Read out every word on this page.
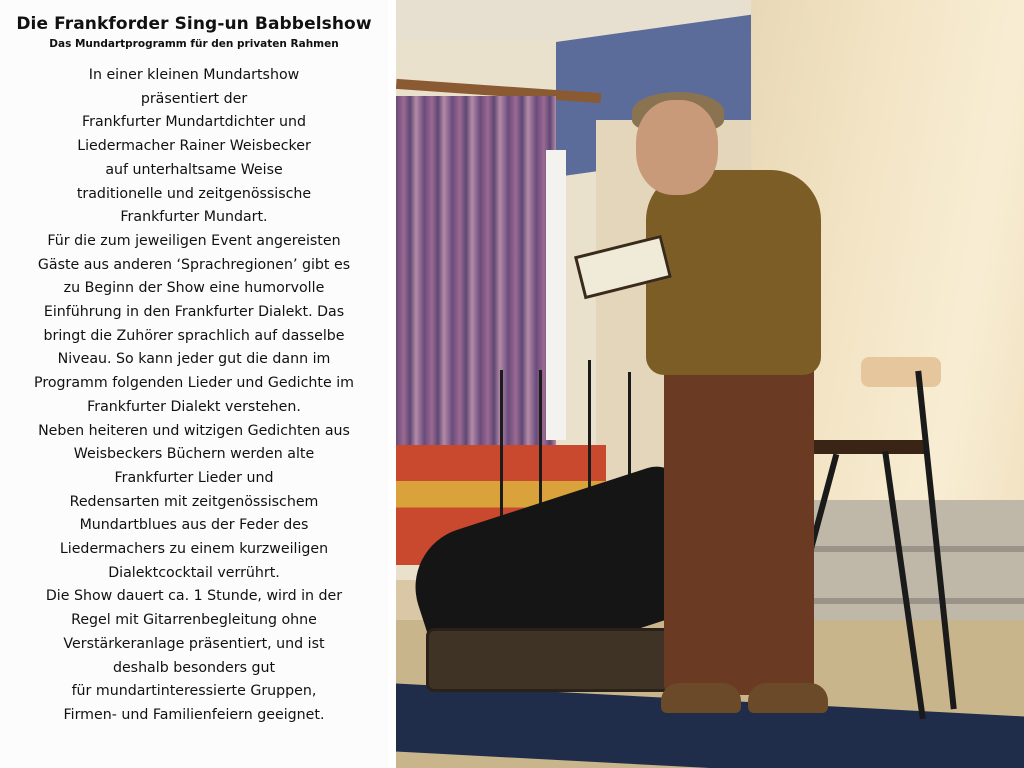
Die Frankforder Sing-un Babbelshow

Das Mundartprogramm für den privaten Rahmen

In einer kleinen Mundartshow
präsentiert der
Frankfurter Mundartdichter und
Liedermacher Rainer Weisbecker
auf unterhaltsame Weise
traditionelle und zeitgenössische
Frankfurter Mundart.
Für die zum jeweiligen Event angereisten
Gäste aus anderen ‘Sprachregionen’ gibt es
zu Beginn der Show eine humorvolle
Einführung in den Frankfurter Dialekt. Das
bringt die Zuhörer sprachlich auf dasselbe
Niveau. So kann jeder gut die dann im
Programm folgenden Lieder und Gedichte im
Frankfurter Dialekt verstehen.
Neben heiteren und witzigen Gedichten aus
Weisbeckers Büchern werden alte
Frankfurter Lieder und
Redensarten mit zeitgenössischem
Mundartblues aus der Feder des
Liedermachers zu einem kurzweiligen
Dialektcocktail verrührt.
Die Show dauert ca. 1 Stunde, wird in der
Regel mit Gitarrenbegleitung ohne
Verstärkeranlage präsentiert, und ist
deshalb besonders gut
für mundartinteressierte Gruppen,
Firmen- und Familienfeiern geeignet.
